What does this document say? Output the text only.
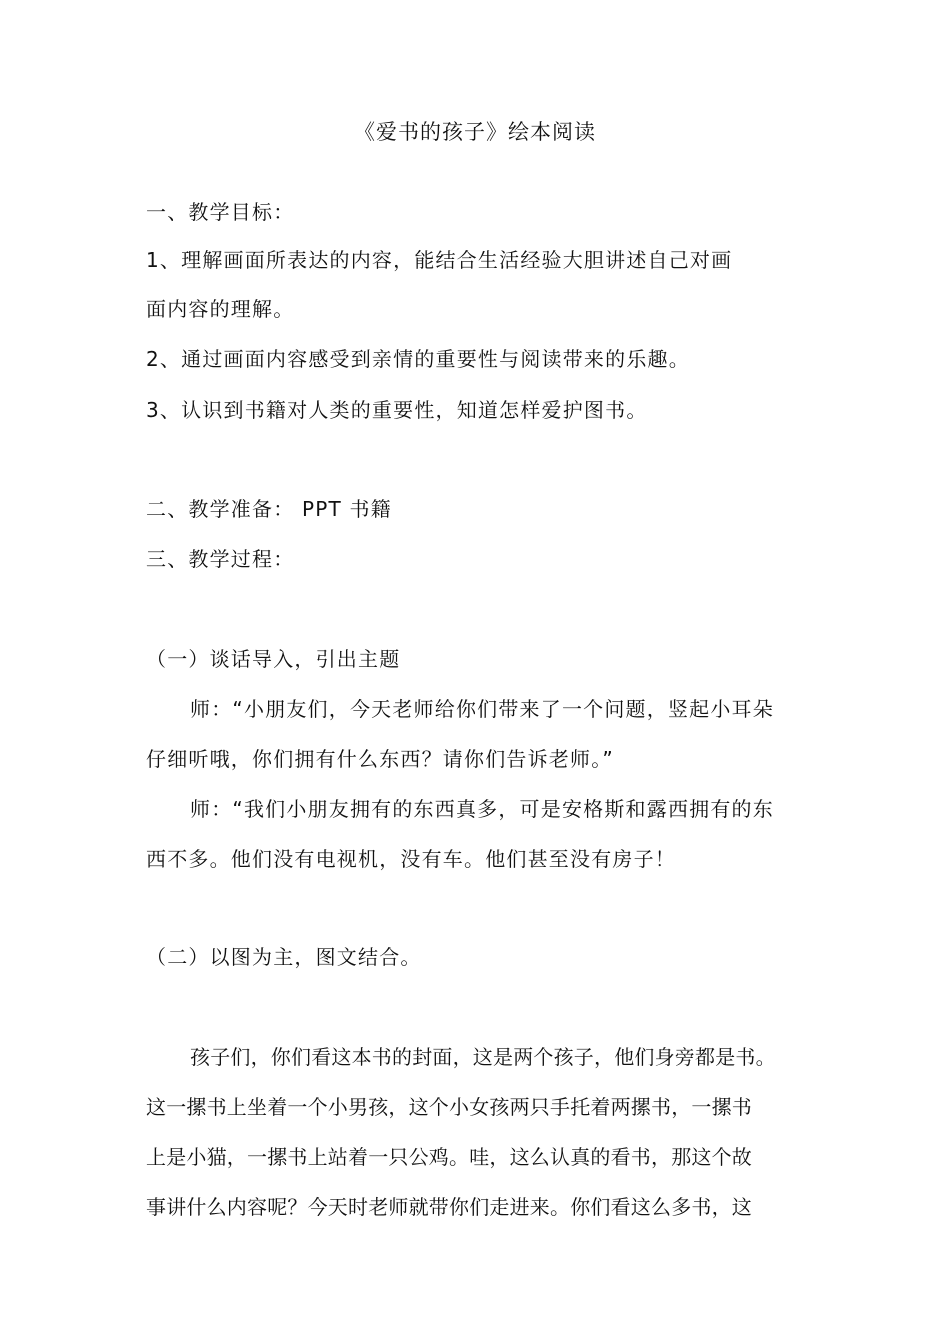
《爱书的孩子》绘本阅读
一、教学目标：
1、理解画面所表达的内容，能结合生活经验大胆讲述自己对画
面内容的理解。
2、通过画面内容感受到亲情的重要性与阅读带来的乐趣。
3、认识到书籍对人类的重要性，知道怎样爱护图书。
二、教学准备： PPT 书籍
三、教学过程：
（一）谈话导入，引出主题
师：“小朋友们，今天老师给你们带来了一个问题，竖起小耳朵
仔细听哦，你们拥有什么东西？请你们告诉老师。”
师：“我们小朋友拥有的东西真多，可是安格斯和露西拥有的东
西不多。他们没有电视机，没有车。他们甚至没有房子！
（二）以图为主，图文结合。
孩子们，你们看这本书的封面，这是两个孩子，他们身旁都是书。
这一摞书上坐着一个小男孩，这个小女孩两只手托着两摞书，一摞书
上是小猫，一摞书上站着一只公鸡。哇，这么认真的看书，那这个故
事讲什么内容呢？今天时老师就带你们走进来。你们看这么多书，这
